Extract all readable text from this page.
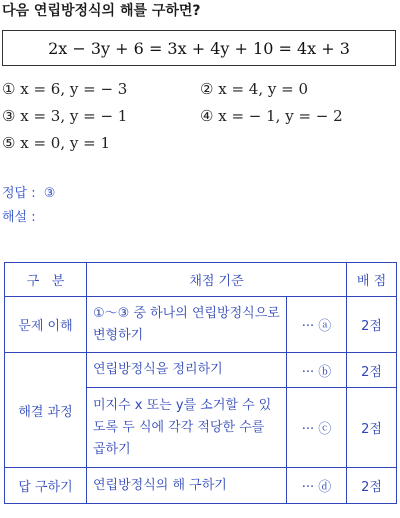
다음 연립방정식의 해를 구하면?
2x − 3y + 6 = 3x + 4y + 10 = 4x + 3
① x = 6, y = − 3	② x = 4, y = 0
③ x = 3, y = − 1	④ x = − 1, y = − 2
⑤ x = 0, y = 1
정답 : ③
해설 :
구   분	채점 기준		배 점
문제 이해	①～③ 중 하나의 연립방정식으로 변형하기	··· ⓐ	2점
해결 과정	연립방정식을 정리하기	··· ⓑ	2점
	미지수 x 또는 y를 소거할 수 있도록 두 식에 각각 적당한 수를 곱하기	··· ⓒ	2점
답 구하기	연립방정식의 해 구하기	··· ⓓ	2점
